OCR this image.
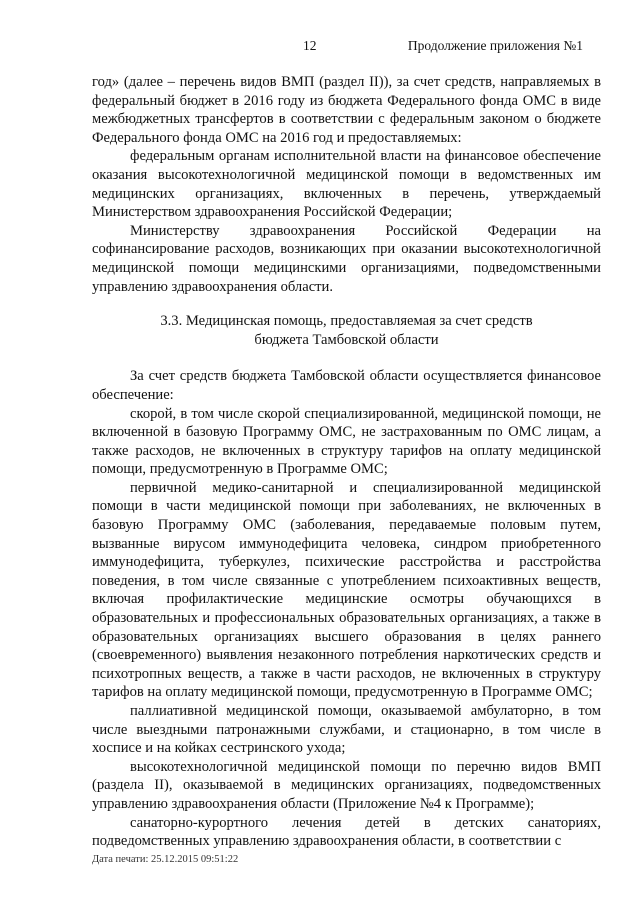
12	Продолжение приложения №1

год» (далее – перечень видов ВМП (раздел II)), за счет средств, направляемых в федеральный бюджет в 2016 году из бюджета Федерального фонда ОМС в виде межбюджетных трансфертов в соответствии с федеральным законом о бюджете Федерального фонда ОМС на 2016 год и предоставляемых:

федеральным органам исполнительной власти на финансовое обеспечение оказания высокотехнологичной медицинской помощи в ведомственных им медицинских организациях, включенных в перечень, утверждаемый Министерством здравоохранения Российской Федерации;

Министерству здравоохранения Российской Федерации на софинансирование расходов, возникающих при оказании высокотехнологичной медицинской помощи медицинскими организациями, подведомственными управлению здравоохранения области.

3.3. Медицинская помощь, предоставляемая за счет средств
бюджета Тамбовской области

За счет средств бюджета Тамбовской области осуществляется финансовое обеспечение:

скорой, в том числе скорой специализированной, медицинской помощи, не включенной в базовую Программу ОМС, не застрахованным по ОМС лицам, а также расходов, не включенных в структуру тарифов на оплату медицинской помощи, предусмотренную в Программе ОМС;

первичной медико-санитарной и специализированной медицинской помощи в части медицинской помощи при заболеваниях, не включенных в базовую Программу ОМС (заболевания, передаваемые половым путем, вызванные вирусом иммунодефицита человека, синдром приобретенного иммунодефицита, туберкулез, психические расстройства и расстройства поведения, в том числе связанные с употреблением психоактивных веществ, включая профилактические медицинские осмотры обучающихся в образовательных и профессиональных образовательных организациях, а также в образовательных организациях высшего образования в целях раннего (своевременного) выявления незаконного потребления наркотических средств и психотропных веществ, а также в части расходов, не включенных в структуру тарифов на оплату медицинской помощи, предусмотренную в Программе ОМС;

паллиативной медицинской помощи, оказываемой амбулаторно, в том числе выездными патронажными службами, и стационарно, в том числе в хосписе и на койках сестринского ухода;

высокотехнологичной медицинской помощи по перечню видов ВМП (раздела II), оказываемой в медицинских организациях, подведомственных управлению здравоохранения области (Приложение №4 к Программе);

санаторно-курортного лечения детей в детских санаториях, подведомственных управлению здравоохранения области, в соответствии с

Дата печати: 25.12.2015 09:51:22
